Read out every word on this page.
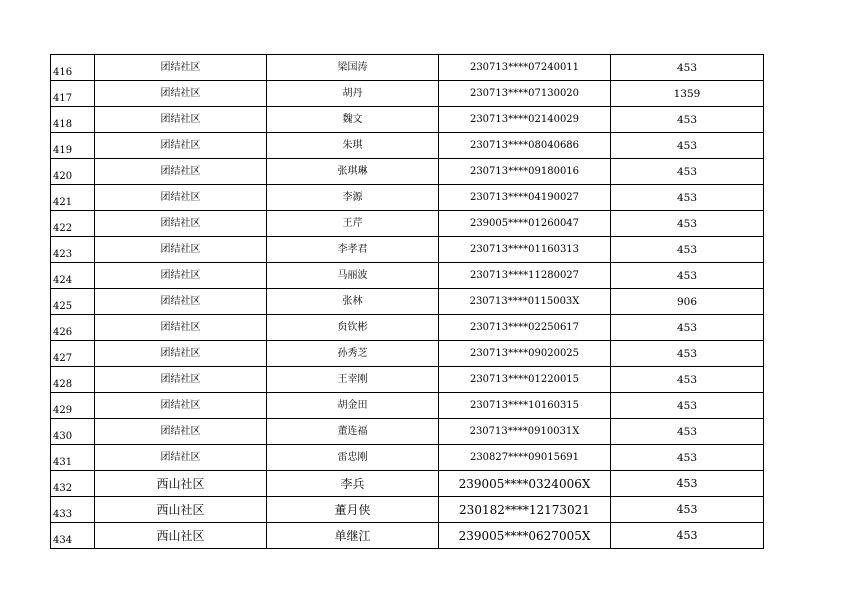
416	团结社区	梁国涛	230713****07240011	453
417	团结社区	胡丹	230713****07130020	1359
418	团结社区	魏文	230713****02140029	453
419	团结社区	朱琪	230713****08040686	453
420	团结社区	张琪琳	230713****09180016	453
421	团结社区	李源	230713****04190027	453
422	团结社区	王芹	239005****01260047	453
423	团结社区	李孝君	230713****01160313	453
424	团结社区	马丽波	230713****11280027	453
425	团结社区	张林	230713****0115003X	906
426	团结社区	贠钦彬	230713****02250617	453
427	团结社区	孙秀芝	230713****09020025	453
428	团结社区	王幸刚	230713****01220015	453
429	团结社区	胡金田	230713****10160315	453
430	团结社区	董连福	230713****0910031X	453
431	团结社区	雷忠刚	230827****09015691	453
432	西山社区	李兵	239005****0324006X	453
433	西山社区	董月侠	230182****12173021	453
434	西山社区	单继江	239005****0627005X	453
